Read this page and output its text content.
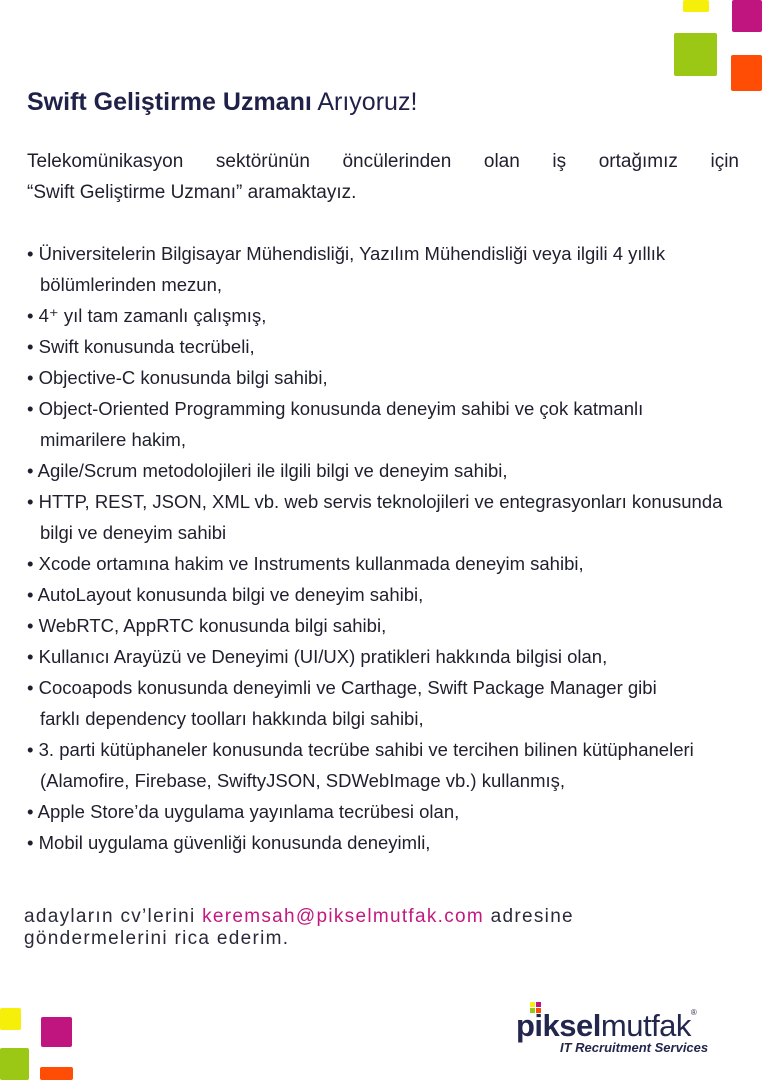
Swift Geliştirme Uzmanı Arıyoruz!
Telekomünikasyon sektörünün öncülerinden olan iş ortağımız için
“Swift Geliştirme Uzmanı” aramaktayız.
• Üniversitelerin Bilgisayar Mühendisliği, Yazılım Mühendisliği veya ilgili 4 yıllık bölümlerinden mezun,
• 4⁺ yıl tam zamanlı çalışmış,
• Swift konusunda tecrübeli,
• Objective-C konusunda bilgi sahibi,
• Object-Oriented Programming konusunda deneyim sahibi ve çok katmanlı mimarilere hakim,
• Agile/Scrum metodolojileri ile ilgili bilgi ve deneyim sahibi,
• HTTP, REST, JSON, XML vb. web servis teknolojileri ve entegrasyonları konusunda bilgi ve deneyim sahibi
• Xcode ortamına hakim ve Instruments kullanmada deneyim sahibi,
• AutoLayout konusunda bilgi ve deneyim sahibi,
• WebRTC, AppRTC konusunda bilgi sahibi,
• Kullanıcı Arayüzü ve Deneyimi (UI/UX) pratikleri hakkında bilgisi olan,
• Cocoapods konusunda deneyimli ve Carthage, Swift Package Manager gibi farklı dependency toolları hakkında bilgi sahibi,
• 3. parti kütüphaneler konusunda tecrübe sahibi ve tercihen bilinen kütüphaneleri (Alamofire, Firebase, SwiftyJSON, SDWebImage vb.) kullanmış,
• Apple Store’da uygulama yayınlama tecrübesi olan,
• Mobil uygulama güvenliği konusunda deneyimli,
adayların cv’lerini keremsah@pikselmutfak.com adresine
göndermelerini rica ederim.
pikselmutfak®
IT Recruitment Services
